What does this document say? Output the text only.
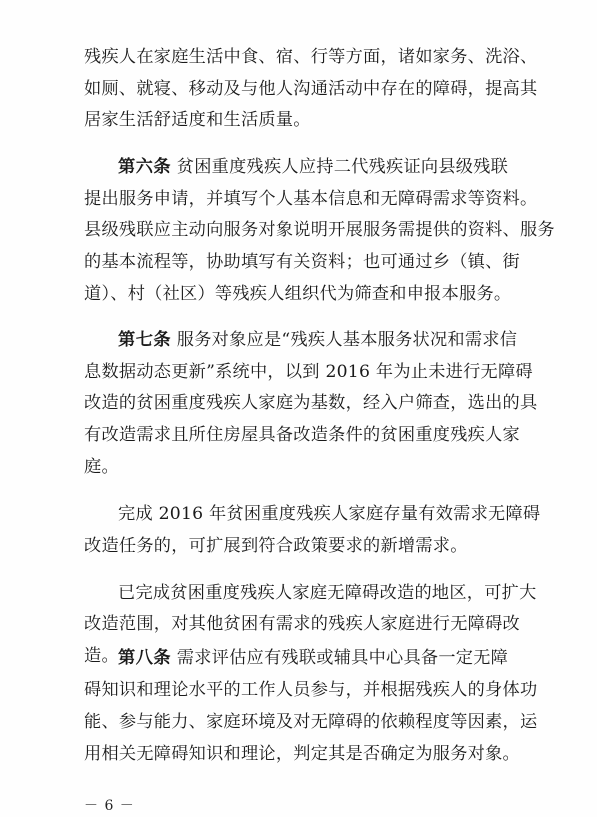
残疾人在家庭生活中食、宿、行等方面，诸如家务、洗浴、
如厕、就寝、移动及与他人沟通活动中存在的障碍，提高其
居家生活舒适度和生活质量。
第六条 贫困重度残疾人应持二代残疾证向县级残联
提出服务申请，并填写个人基本信息和无障碍需求等资料。
县级残联应主动向服务对象说明开展服务需提供的资料、服务
的基本流程等，协助填写有关资料；也可通过乡（镇、街
道）、村（社区）等残疾人组织代为筛查和申报本服务。
第七条 服务对象应是“残疾人基本服务状况和需求信
息数据动态更新”系统中，以到 2016 年为止未进行无障碍
改造的贫困重度残疾人家庭为基数，经入户筛查，选出的具
有改造需求且所住房屋具备改造条件的贫困重度残疾人家
庭。
完成 2016 年贫困重度残疾人家庭存量有效需求无障碍
改造任务的，可扩展到符合政策要求的新增需求。
已完成贫困重度残疾人家庭无障碍改造的地区，可扩大
改造范围，对其他贫困有需求的残疾人家庭进行无障碍改
造。 第八条 需求评估应有残联或辅具中心具备一定无障
碍知识和理论水平的工作人员参与，并根据残疾人的身体功
能、参与能力、家庭环境及对无障碍的依赖程度等因素，运
用相关无障碍知识和理论，判定其是否确定为服务对象。
－ 6 －
